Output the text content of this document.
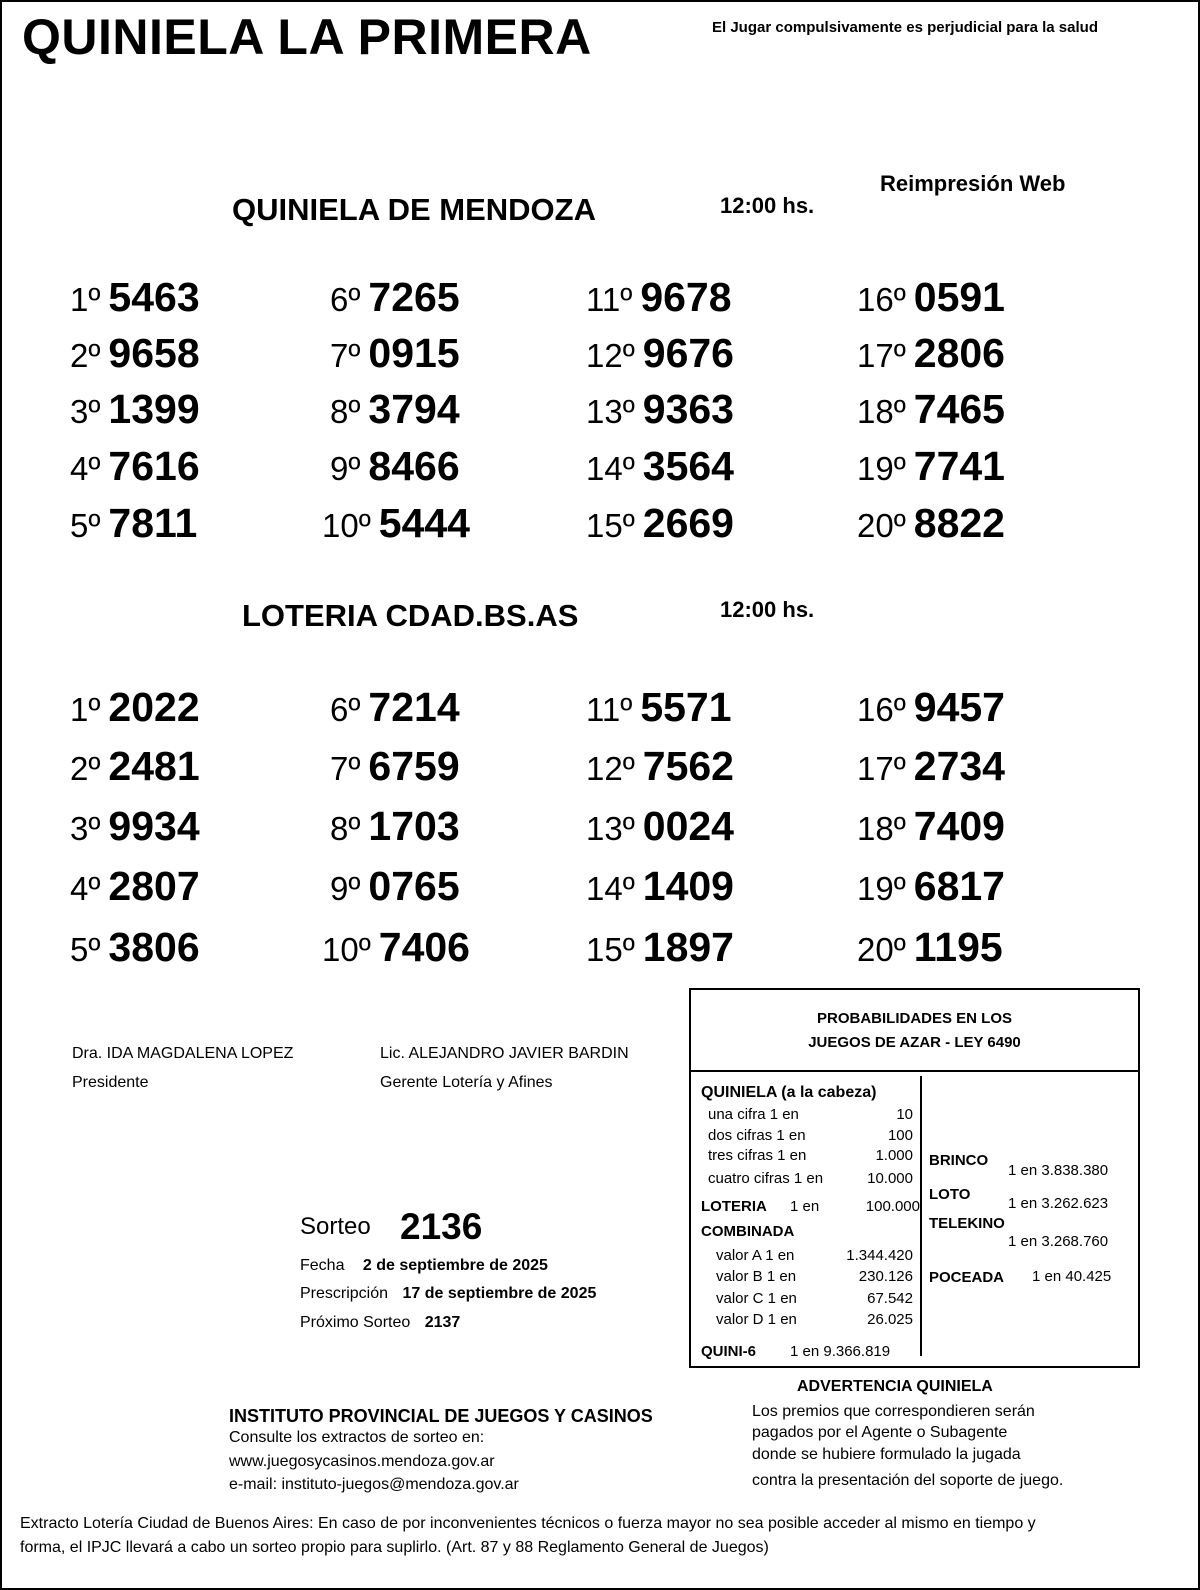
QUINIELA LA PRIMERA	El Jugar compulsivamente es perjudicial para la salud
Reimpresión Web
QUINIELA DE MENDOZA	12:00 hs.
1º 5463
2º 9658
3º 1399
4º 7616
5º 7811
6º 7265
7º 0915
8º 3794
9º 8466
10º 5444
11º 9678
12º 9676
13º 9363
14º 3564
15º 2669
16º 0591
17º 2806
18º 7465
19º 7741
20º 8822
LOTERIA CDAD.BS.AS	12:00 hs.
1º 2022
2º 2481
3º 9934
4º 2807
5º 3806
6º 7214
7º 6759
8º 1703
9º 0765
10º 7406
11º 5571
12º 7562
13º 0024
14º 1409
15º 1897
16º 9457
17º 2734
18º 7409
19º 6817
20º 1195
Dra. IDA MAGDALENA LOPEZ
Presidente
Lic. ALEJANDRO JAVIER BARDIN
Gerente Lotería y Afines
PROBABILIDADES EN LOS
JUEGOS DE AZAR - LEY 6490
QUINIELA (a la cabeza)
una cifra 1 en	10
dos cifras 1 en	100
tres cifras 1 en	1.000
cuatro cifras 1 en	10.000
LOTERIA 1 en	100.000
COMBINADA
valor A 1 en	1.344.420
valor B 1 en	230.126
valor C 1 en	67.542
valor D 1 en	26.025
QUINI-6 1 en 9.366.819
BRINCO
1 en 3.838.380
LOTO
1 en 3.262.623
TELEKINO
1 en 3.268.760
POCEADA 1 en 40.425
Sorteo 2136
Fecha 2 de septiembre de 2025
Prescripción 17 de septiembre de 2025
Próximo Sorteo 2137
INSTITUTO PROVINCIAL DE JUEGOS Y CASINOS
Consulte los extractos de sorteo en:
www.juegosycasinos.mendoza.gov.ar
e-mail: instituto-juegos@mendoza.gov.ar
ADVERTENCIA QUINIELA
Los premios que correspondieren serán
pagados por el Agente o Subagente
donde se hubiere formulado la jugada
contra la presentación del soporte de juego.
Extracto Lotería Ciudad de Buenos Aires: En caso de por inconvenientes técnicos o fuerza mayor no sea posible acceder al mismo en tiempo y
forma, el IPJC llevará a cabo un sorteo propio para suplirlo. (Art. 87 y 88 Reglamento General de Juegos)
